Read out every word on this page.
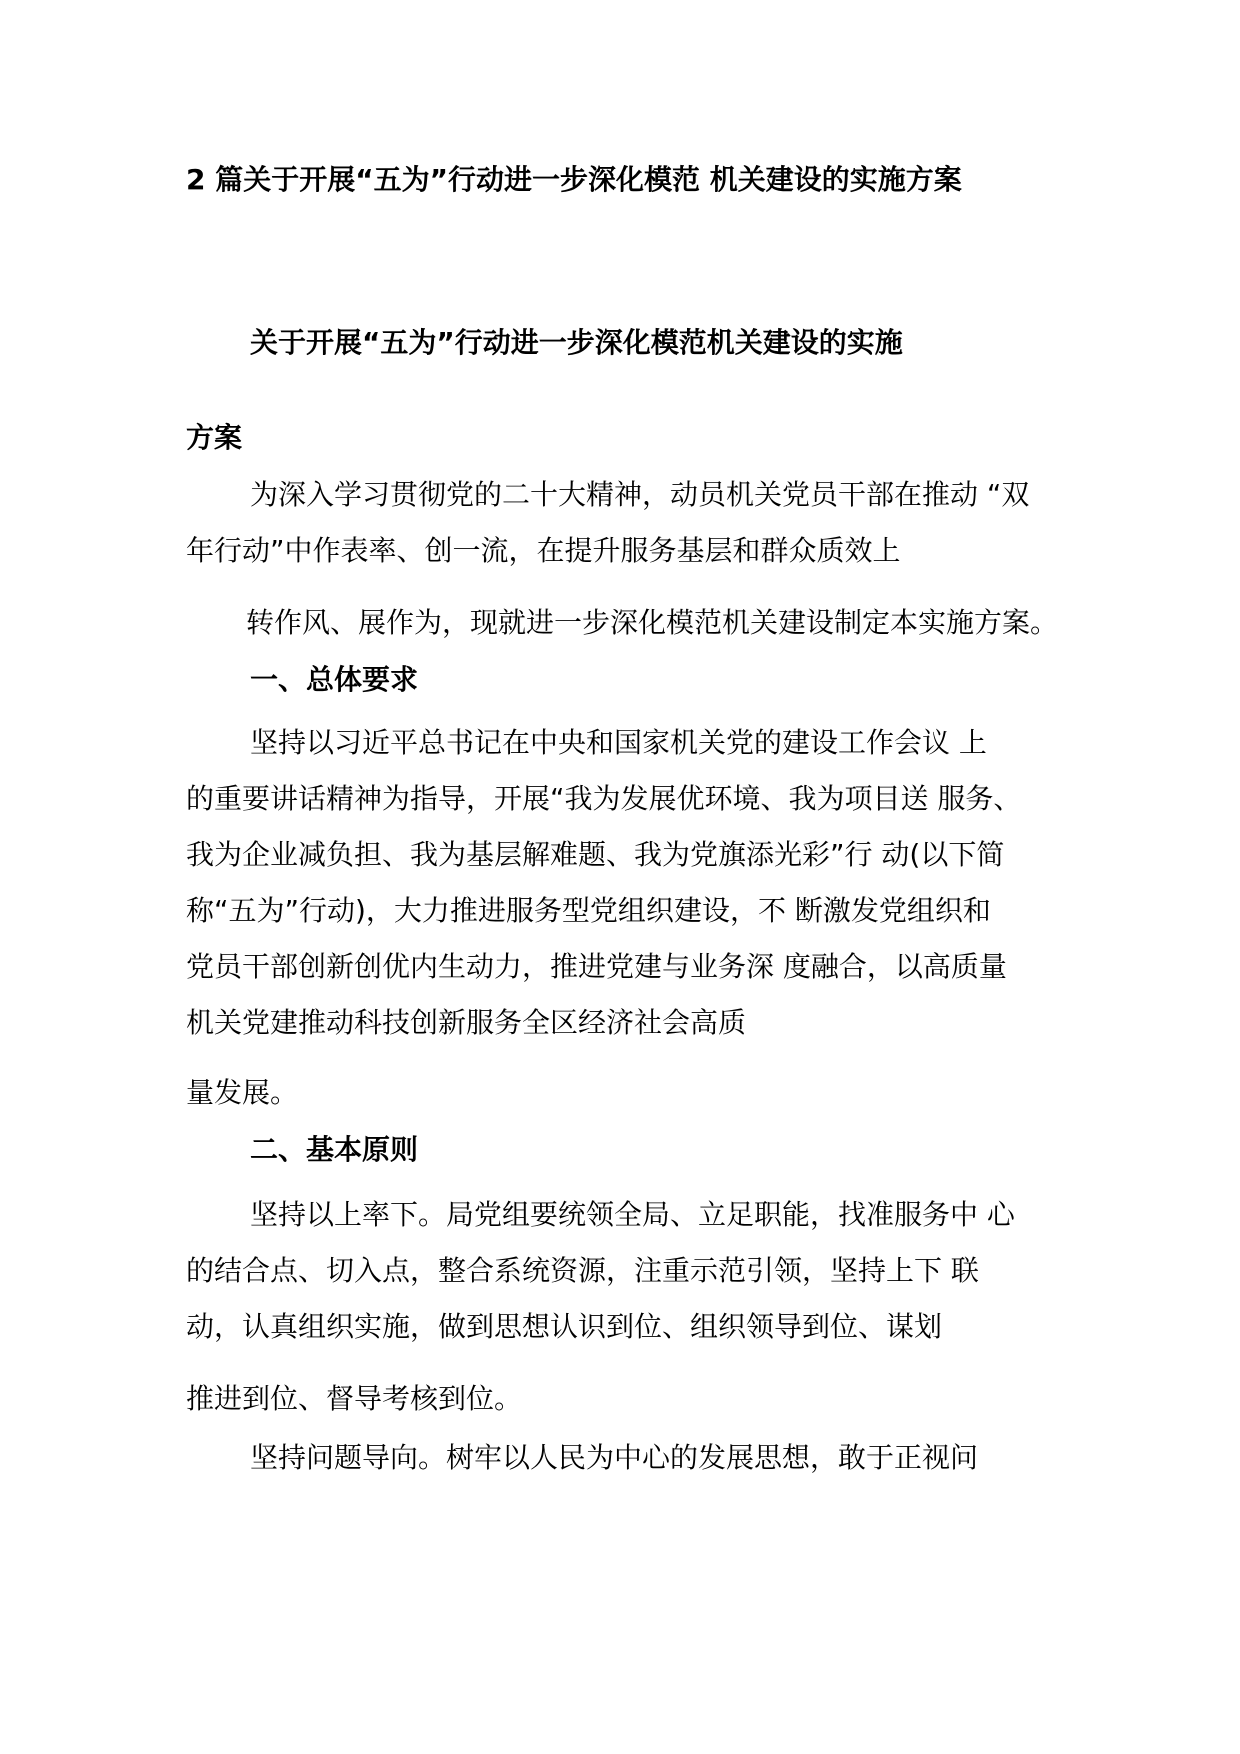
2 篇关于开展“五为”行动进一步深化模范 机关建设的实施方案
关于开展“五为”行动进一步深化模范机关建设的实施
方案
为深入学习贯彻党的二十大精神，动员机关党员干部在推动 “双
年行动”中作表率、创一流，在提升服务基层和群众质效上
转作风、展作为，现就进一步深化模范机关建设制定本实施方案。
一、总体要求
坚持以习近平总书记在中央和国家机关党的建设工作会议 上
的重要讲话精神为指导，开展“我为发展优环境、我为项目送 服务、
我为企业减负担、我为基层解难题、我为党旗添光彩”行 动(以下简
称“五为”行动)，大力推进服务型党组织建设，不 断激发党组织和
党员干部创新创优内生动力，推进党建与业务深 度融合，以高质量
机关党建推动科技创新服务全区经济社会高质
量发展。
二、基本原则
坚持以上率下。局党组要统领全局、立足职能，找准服务中 心
的结合点、切入点，整合系统资源，注重示范引领，坚持上下 联
动，认真组织实施，做到思想认识到位、组织领导到位、谋划
推进到位、督导考核到位。
坚持问题导向。树牢以人民为中心的发展思想，敢于正视问
